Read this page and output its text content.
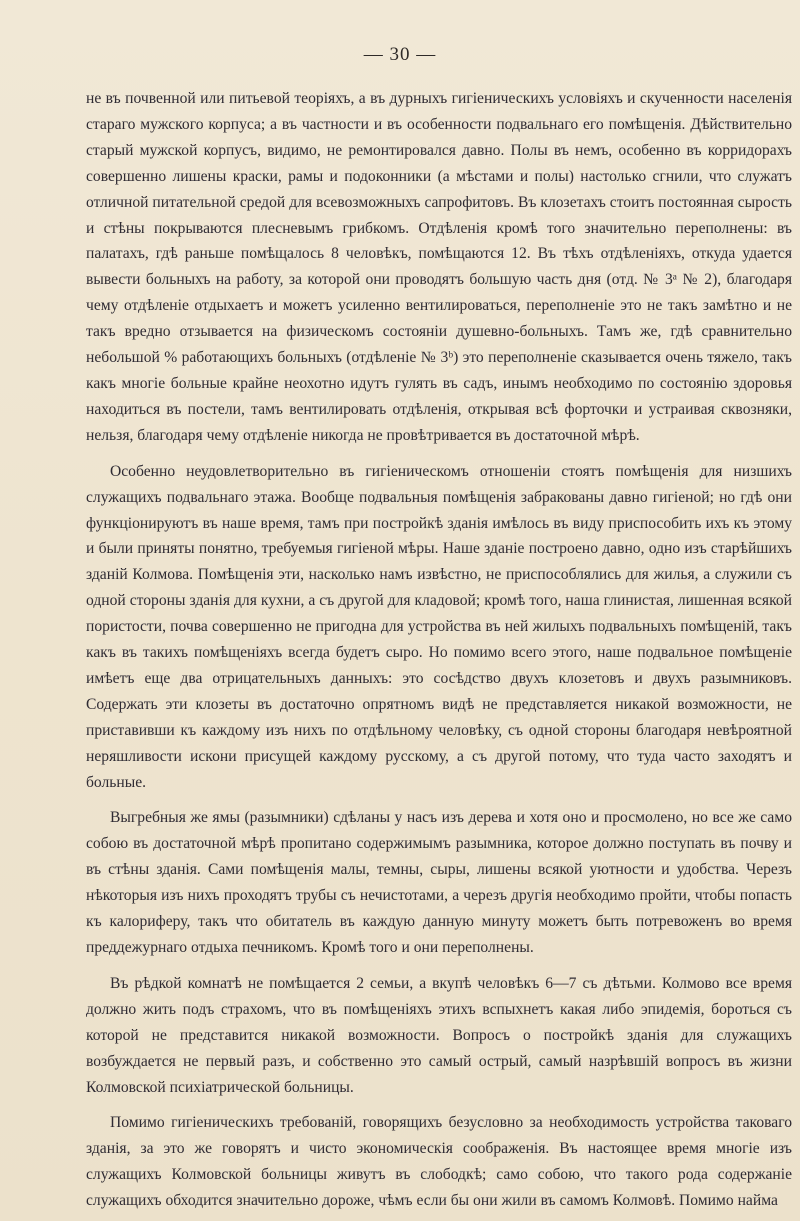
— 30 —

не въ почвенной или питьевой теоріяхъ, а въ дурныхъ гигіеническихъ условіяхъ и скученности населенія стараго мужского корпуса; а въ частности и въ особенности подвальнаго его помѣщенія. Дѣйствительно старый мужской корпусъ, видимо, не ремонтировался давно. Полы въ немъ, особенно въ корридорахъ совершенно лишены краски, рамы и подоконники (а мѣстами и полы) настолько сгнили, что служатъ отличной питательной средой для всевозможныхъ сапрофитовъ. Въ клозетахъ стоитъ постоянная сырость и стѣны покрываются плесневымъ грибкомъ. Отдѣленія кромѣ того значительно переполнены: въ палатахъ, гдѣ раньше помѣщалось 8 человѣкъ, помѣщаются 12. Въ тѣхъ отдѣленіяхъ, откуда удается вывести больныхъ на работу, за которой они проводятъ большую часть дня (отд. № 3ᵃ № 2), благодаря чему отдѣленіе отдыхаетъ и можетъ усиленно вентилироваться, переполненіе это не такъ замѣтно и не такъ вредно отзывается на физическомъ состояніи душевно-больныхъ. Тамъ же, гдѣ сравнительно небольшой % работающихъ больныхъ (отдѣленіе № 3ᵇ) это переполненіе сказывается очень тяжело, такъ какъ многіе больные крайне неохотно идутъ гулять въ садъ, инымъ необходимо по состоянію здоровья находиться въ постели, тамъ вентилировать отдѣленія, открывая всѣ форточки и устраивая сквозняки, нельзя, благодаря чему отдѣленіе никогда не провѣтривается въ достаточной мѣрѣ.

Особенно неудовлетворительно въ гигіеническомъ отношеніи стоятъ помѣщенія для низшихъ служащихъ подвальнаго этажа. Вообще подвальныя помѣщенія забракованы давно гигіеной; но гдѣ они функціонируютъ въ наше время, тамъ при постройкѣ зданія имѣлось въ виду приспособить ихъ къ этому и были приняты понятно, требуемыя гигіеной мѣры. Наше зданіе построено давно, одно изъ старѣйшихъ зданій Колмова. Помѣщенія эти, насколько намъ извѣстно, не приспособлялись для жилья, а служили съ одной стороны зданія для кухни, а съ другой для кладовой; кромѣ того, наша глинистая, лишенная всякой пористости, почва совершенно не пригодна для устройства въ ней жилыхъ подвальныхъ помѣщеній, такъ какъ въ такихъ помѣщеніяхъ всегда будетъ сыро. Но помимо всего этого, наше подвальное помѣщеніе имѣетъ еще два отрицательныхъ данныхъ: это сосѣдство двухъ клозетовъ и двухъ разымниковъ. Содержать эти клозеты въ достаточно опрятномъ видѣ не представляется никакой возможности, не приставивши къ каждому изъ нихъ по отдѣльному человѣку, съ одной стороны благодаря невѣроятной неряшливости искони присущей каждому русскому, а съ другой потому, что туда часто заходятъ и больные.

Выгребныя же ямы (разымники) сдѣланы у насъ изъ дерева и хотя оно и просмолено, но все же само собою въ достаточной мѣрѣ пропитано содержимымъ разымника, которое должно поступать въ почву и въ стѣны зданія. Сами помѣщенія малы, темны, сыры, лишены всякой уютности и удобства. Черезъ нѣкоторыя изъ нихъ проходятъ трубы съ нечистотами, а черезъ другія необходимо пройти, чтобы попасть къ калориферу, такъ что обитатель въ каждую данную минуту можетъ быть потревоженъ во время преддежурнаго отдыха печникомъ. Кромѣ того и они переполнены.

Въ рѣдкой комнатѣ не помѣщается 2 семьи, а вкупѣ человѣкъ 6—7 съ дѣтьми. Колмово все время должно жить подъ страхомъ, что въ помѣщеніяхъ этихъ вспыхнетъ какая либо эпидемія, бороться съ которой не представится никакой возможности. Вопросъ о постройкѣ зданія для служащихъ возбуждается не первый разъ, и собственно это самый острый, самый назрѣвшій вопросъ въ жизни Колмовской психіатрической больницы.

Помимо гигіеническихъ требованій, говорящихъ безусловно за необходимость устройства таковаго зданія, за это же говорятъ и чисто экономическія соображенія. Въ настоящее время многіе изъ служащихъ Колмовской больницы живутъ въ слободкѣ; само собою, что такого рода содержаніе служащихъ обходится значительно дороже, чѣмъ если бы они жили въ самомъ Колмовѣ. Помимо найма
